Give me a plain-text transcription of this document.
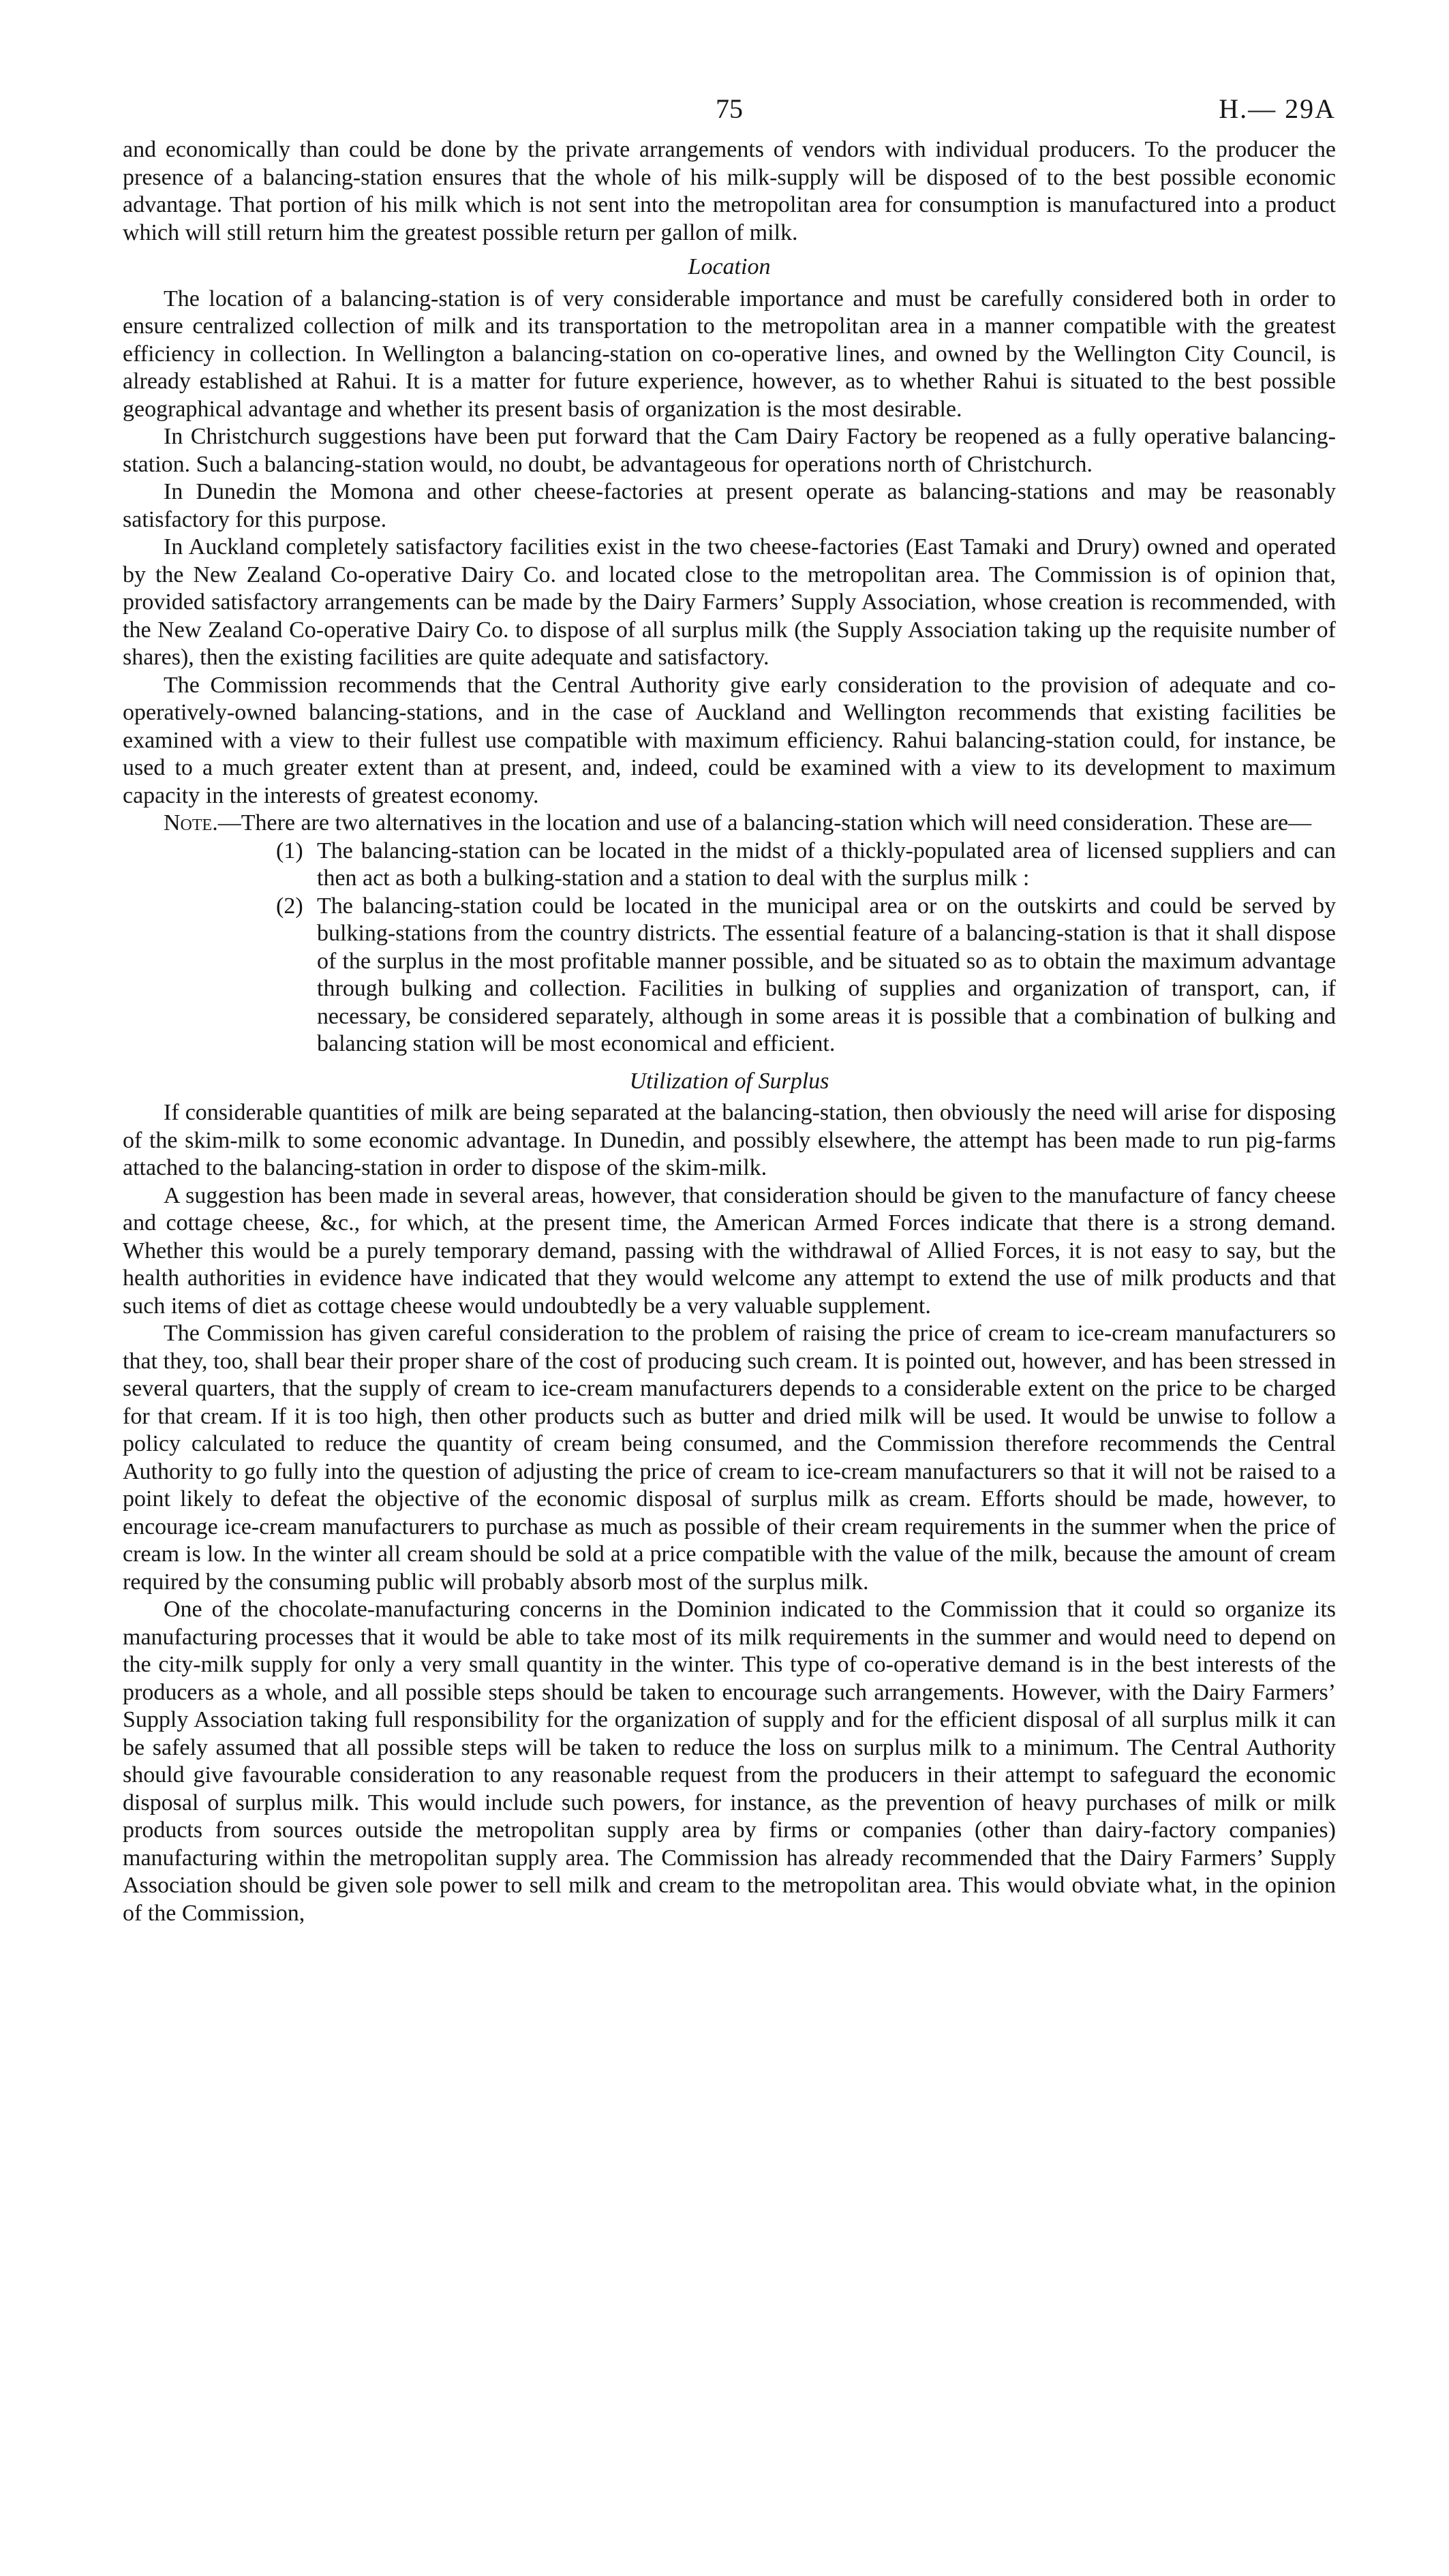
75	H.— 29A

and economically than could be done by the private arrangements of vendors with individual producers. To the producer the presence of a balancing-station ensures that the whole of his milk-supply will be disposed of to the best possible economic advantage. That portion of his milk which is not sent into the metropolitan area for consumption is manufactured into a product which will still return him the greatest possible return per gallon of milk.

Location

The location of a balancing-station is of very considerable importance and must be carefully considered both in order to ensure centralized collection of milk and its transportation to the metropolitan area in a manner compatible with the greatest efficiency in collection. In Wellington a balancing-station on co-operative lines, and owned by the Wellington City Council, is already established at Rahui. It is a matter for future experience, however, as to whether Rahui is situated to the best possible geographical advantage and whether its present basis of organization is the most desirable.

In Christchurch suggestions have been put forward that the Cam Dairy Factory be reopened as a fully operative balancing-station. Such a balancing-station would, no doubt, be advantageous for operations north of Christchurch.

In Dunedin the Momona and other cheese-factories at present operate as balancing-stations and may be reasonably satisfactory for this purpose.

In Auckland completely satisfactory facilities exist in the two cheese-factories (East Tamaki and Drury) owned and operated by the New Zealand Co-operative Dairy Co. and located close to the metropolitan area. The Commission is of opinion that, provided satisfactory arrangements can be made by the Dairy Farmers’ Supply Association, whose creation is recommended, with the New Zealand Co-operative Dairy Co. to dispose of all surplus milk (the Supply Association taking up the requisite number of shares), then the existing facilities are quite adequate and satisfactory.

The Commission recommends that the Central Authority give early consideration to the provision of adequate and co-operatively-owned balancing-stations, and in the case of Auckland and Wellington recommends that existing facilities be examined with a view to their fullest use compatible with maximum efficiency. Rahui balancing-station could, for instance, be used to a much greater extent than at present, and, indeed, could be examined with a view to its development to maximum capacity in the interests of greatest economy.

Note.—There are two alternatives in the location and use of a balancing-station which will need consideration. These are—

(1) The balancing-station can be located in the midst of a thickly-populated area of licensed suppliers and can then act as both a bulking-station and a station to deal with the surplus milk :
(2) The balancing-station could be located in the municipal area or on the outskirts and could be served by bulking-stations from the country districts. The essential feature of a balancing-station is that it shall dispose of the surplus in the most profitable manner possible, and be situated so as to obtain the maximum advantage through bulking and collection. Facilities in bulking of supplies and organization of transport, can, if necessary, be considered separately, although in some areas it is possible that a combination of bulking and balancing station will be most economical and efficient.
Utilization of Surplus

If considerable quantities of milk are being separated at the balancing-station, then obviously the need will arise for disposing of the skim-milk to some economic advantage. In Dunedin, and possibly elsewhere, the attempt has been made to run pig-farms attached to the balancing-station in order to dispose of the skim-milk.

A suggestion has been made in several areas, however, that consideration should be given to the manufacture of fancy cheese and cottage cheese, &c., for which, at the present time, the American Armed Forces indicate that there is a strong demand. Whether this would be a purely temporary demand, passing with the withdrawal of Allied Forces, it is not easy to say, but the health authorities in evidence have indicated that they would welcome any attempt to extend the use of milk products and that such items of diet as cottage cheese would undoubtedly be a very valuable supplement.

The Commission has given careful consideration to the problem of raising the price of cream to ice-cream manufacturers so that they, too, shall bear their proper share of the cost of producing such cream. It is pointed out, however, and has been stressed in several quarters, that the supply of cream to ice-cream manufacturers depends to a considerable extent on the price to be charged for that cream. If it is too high, then other products such as butter and dried milk will be used. It would be unwise to follow a policy calculated to reduce the quantity of cream being consumed, and the Commission therefore recommends the Central Authority to go fully into the question of adjusting the price of cream to ice-cream manufacturers so that it will not be raised to a point likely to defeat the objective of the economic disposal of surplus milk as cream. Efforts should be made, however, to encourage ice-cream manufacturers to purchase as much as possible of their cream requirements in the summer when the price of cream is low. In the winter all cream should be sold at a price compatible with the value of the milk, because the amount of cream required by the consuming public will probably absorb most of the surplus milk.

One of the chocolate-manufacturing concerns in the Dominion indicated to the Commission that it could so organize its manufacturing processes that it would be able to take most of its milk requirements in the summer and would need to depend on the city-milk supply for only a very small quantity in the winter. This type of co-operative demand is in the best interests of the producers as a whole, and all possible steps should be taken to encourage such arrangements. However, with the Dairy Farmers’ Supply Association taking full responsibility for the organization of supply and for the efficient disposal of all surplus milk it can be safely assumed that all possible steps will be taken to reduce the loss on surplus milk to a minimum. The Central Authority should give favourable consideration to any reasonable request from the producers in their attempt to safeguard the economic disposal of surplus milk. This would include such powers, for instance, as the prevention of heavy purchases of milk or milk products from sources outside the metropolitan supply area by firms or companies (other than dairy-factory companies) manufacturing within the metropolitan supply area. The Commission has already recommended that the Dairy Farmers’ Supply Association should be given sole power to sell milk and cream to the metropolitan area. This would obviate what, in the opinion of the Commission,
